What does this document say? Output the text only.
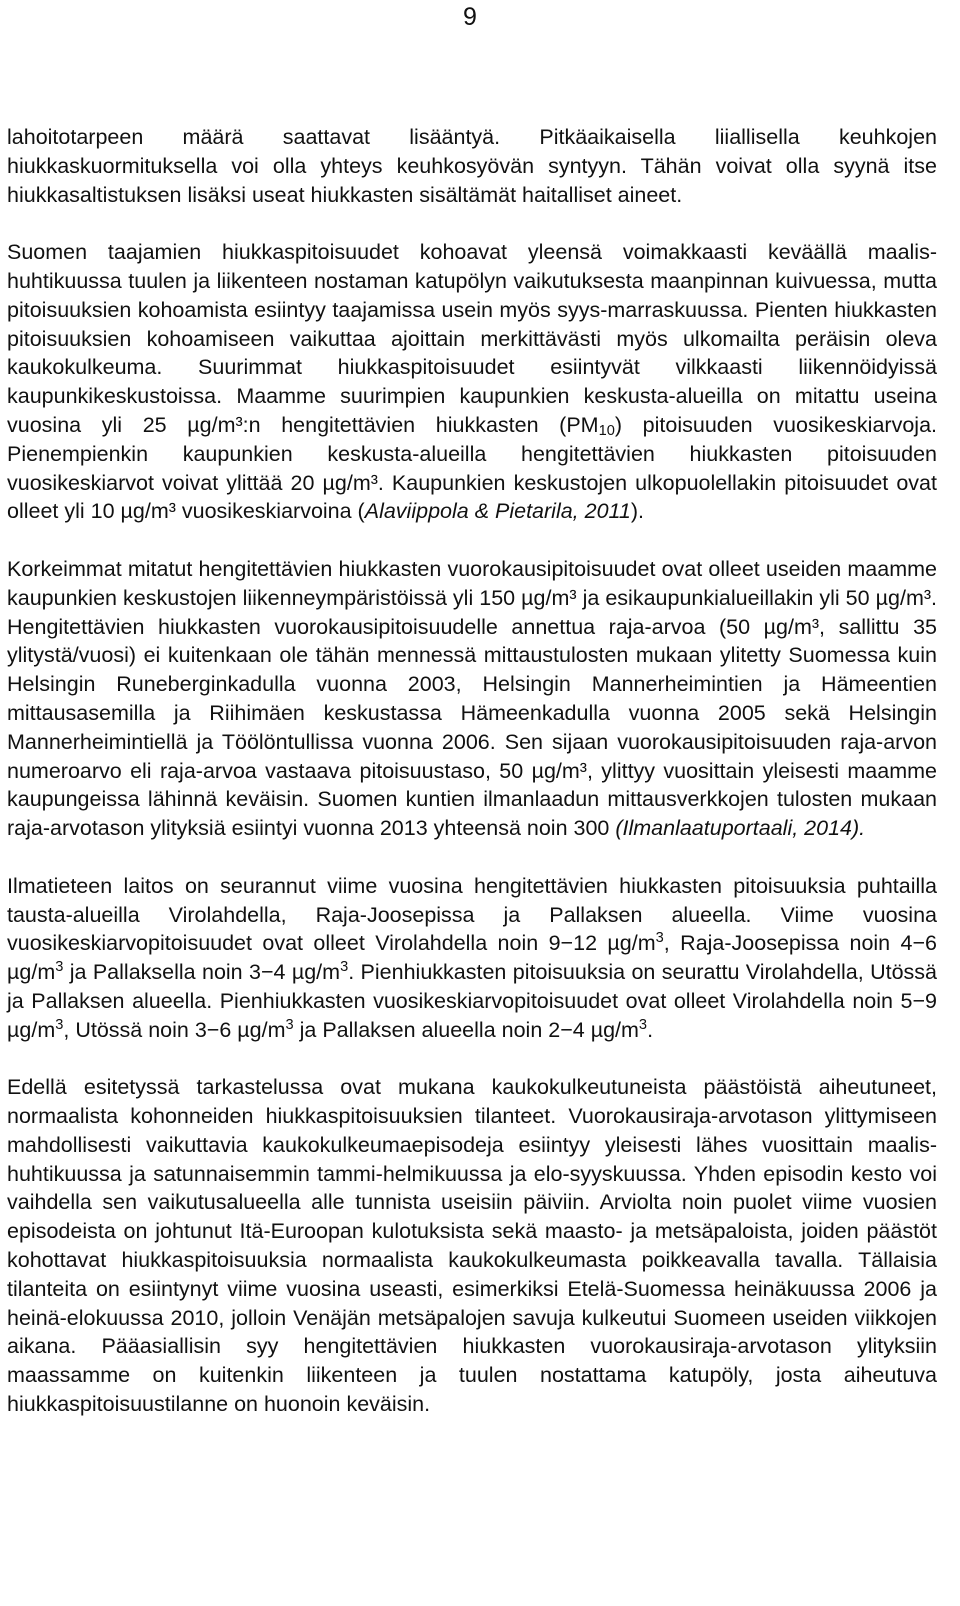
9

lahoitotarpeen määrä saattavat lisääntyä. Pitkäaikaisella liiallisella keuhkojen hiukkaskuormituksella voi olla yhteys keuhkosyövän syntyyn. Tähän voivat olla syynä itse hiukkasaltistuksen lisäksi useat hiukkasten sisältämät haitalliset aineet.

Suomen taajamien hiukkaspitoisuudet kohoavat yleensä voimakkaasti keväällä maalis-huhtikuussa tuulen ja liikenteen nostaman katupölyn vaikutuksesta maanpinnan kuivuessa, mutta pitoisuuksien kohoamista esiintyy taajamissa usein myös syys-marraskuussa. Pienten hiukkasten pitoisuuksien kohoamiseen vaikuttaa ajoittain merkittävästi myös ulkomailta peräisin oleva kaukokulkeuma. Suurimmat hiukkaspitoisuudet esiintyvät vilkkaasti liikennöidyissä kaupunkikeskustoissa. Maamme suurimpien kaupunkien keskusta-alueilla on mitattu useina vuosina yli 25 µg/m³:n hengitettävien hiukkasten $(PM_{10})$ pitoisuuden vuosikeskiarvoja. Pienempienkin kaupunkien keskusta-alueilla hengitettävien hiukkasten pitoisuuden vuosikeskiarvot voivat ylittää 20 µg/m³. Kaupunkien keskustojen ulkopuolellakin pitoisuudet ovat olleet yli 10 µg/m³ vuosikeskiarvoina (Alaviippola & Pietarila, 2011).

Korkeimmat mitatut hengitettävien hiukkasten vuorokausipitoisuudet ovat olleet useiden maamme kaupunkien keskustojen liikenneympäristöissä yli 150 µg/m³ ja esikaupunkialueillakin yli 50 µg/m³. Hengitettävien hiukkasten vuorokausipitoisuudelle annettua raja-arvoa (50 µg/m³, sallittu 35 ylitystä/vuosi) ei kuitenkaan ole tähän mennessä mittaustulosten mukaan ylitetty Suomessa kuin Helsingin Runeberginkadulla vuonna 2003, Helsingin Mannerheimintien ja Hämeentien mittausasemilla ja Riihimäen keskustassa Hämeenkadulla vuonna 2005 sekä Helsingin Mannerheimintiellä ja Töölöntullissa vuonna 2006. Sen sijaan vuorokausipitoisuuden raja-arvon numeroarvo eli raja-arvoa vastaava pitoisuustaso, 50 µg/m³, ylittyy vuosittain yleisesti maamme kaupungeissa lähinnä keväisin. Suomen kuntien ilmanlaadun mittausverkkojen tulosten mukaan raja-arvotason ylityksiä esiintyi vuonna 2013 yhteensä noin 300 (Ilmanlaatuportaali, 2014).

Ilmatieteen laitos on seurannut viime vuosina hengitettävien hiukkasten pitoisuuksia puhtailla tausta-alueilla Virolahdella, Raja-Joosepissa ja Pallaksen alueella. Viime vuosina vuosikeskiarvopitoisuudet ovat olleet Virolahdella noin 9−12 $\mu g/m^3$, Raja-Joosepissa noin 4−6 $\mu g/m^3$ ja Pallaksella noin 3−4 $\mu g/m^3$. Pienhiukkasten pitoisuuksia on seurattu Virolahdella, Utössä ja Pallaksen alueella. Pienhiukkasten vuosikeskiarvopitoisuudet ovat olleet Virolahdella noin 5−9 $\mu g/m^3$, Utössä noin 3−6 $\mu g/m^3$ ja Pallaksen alueella noin 2−4 $\mu g/m^3$.

Edellä esitetyssä tarkastelussa ovat mukana kaukokulkeutuneista päästöistä aiheutuneet, normaalista kohonneiden hiukkaspitoisuuksien tilanteet. Vuorokausiraja-arvotason ylittymiseen mahdollisesti vaikuttavia kaukokulkeumaepisodeja esiintyy yleisesti lähes vuosittain maalis-huhtikuussa ja satunnaisemmin tammi-helmikuussa ja elo-syyskuussa. Yhden episodin kesto voi vaihdella sen vaikutusalueella alle tunnista useisiin päiviin. Arviolta noin puolet viime vuosien episodeista on johtunut Itä-Euroopan kulotuksista sekä maasto- ja metsäpaloista, joiden päästöt kohottavat hiukkaspitoisuuksia normaalista kaukokulkeumasta poikkeavalla tavalla. Tällaisia tilanteita on esiintynyt viime vuosina useasti, esimerkiksi Etelä-Suomessa heinäkuussa 2006 ja heinä-elokuussa 2010, jolloin Venäjän metsäpalojen savuja kulkeutui Suomeen useiden viikkojen aikana. Pääasiallisin syy hengitettävien hiukkasten vuorokausiraja-arvotason ylityksiin maassamme on kuitenkin liikenteen ja tuulen nostattama katupöly, josta aiheutuva hiukkaspitoisuustilanne on huonoin keväisin.
